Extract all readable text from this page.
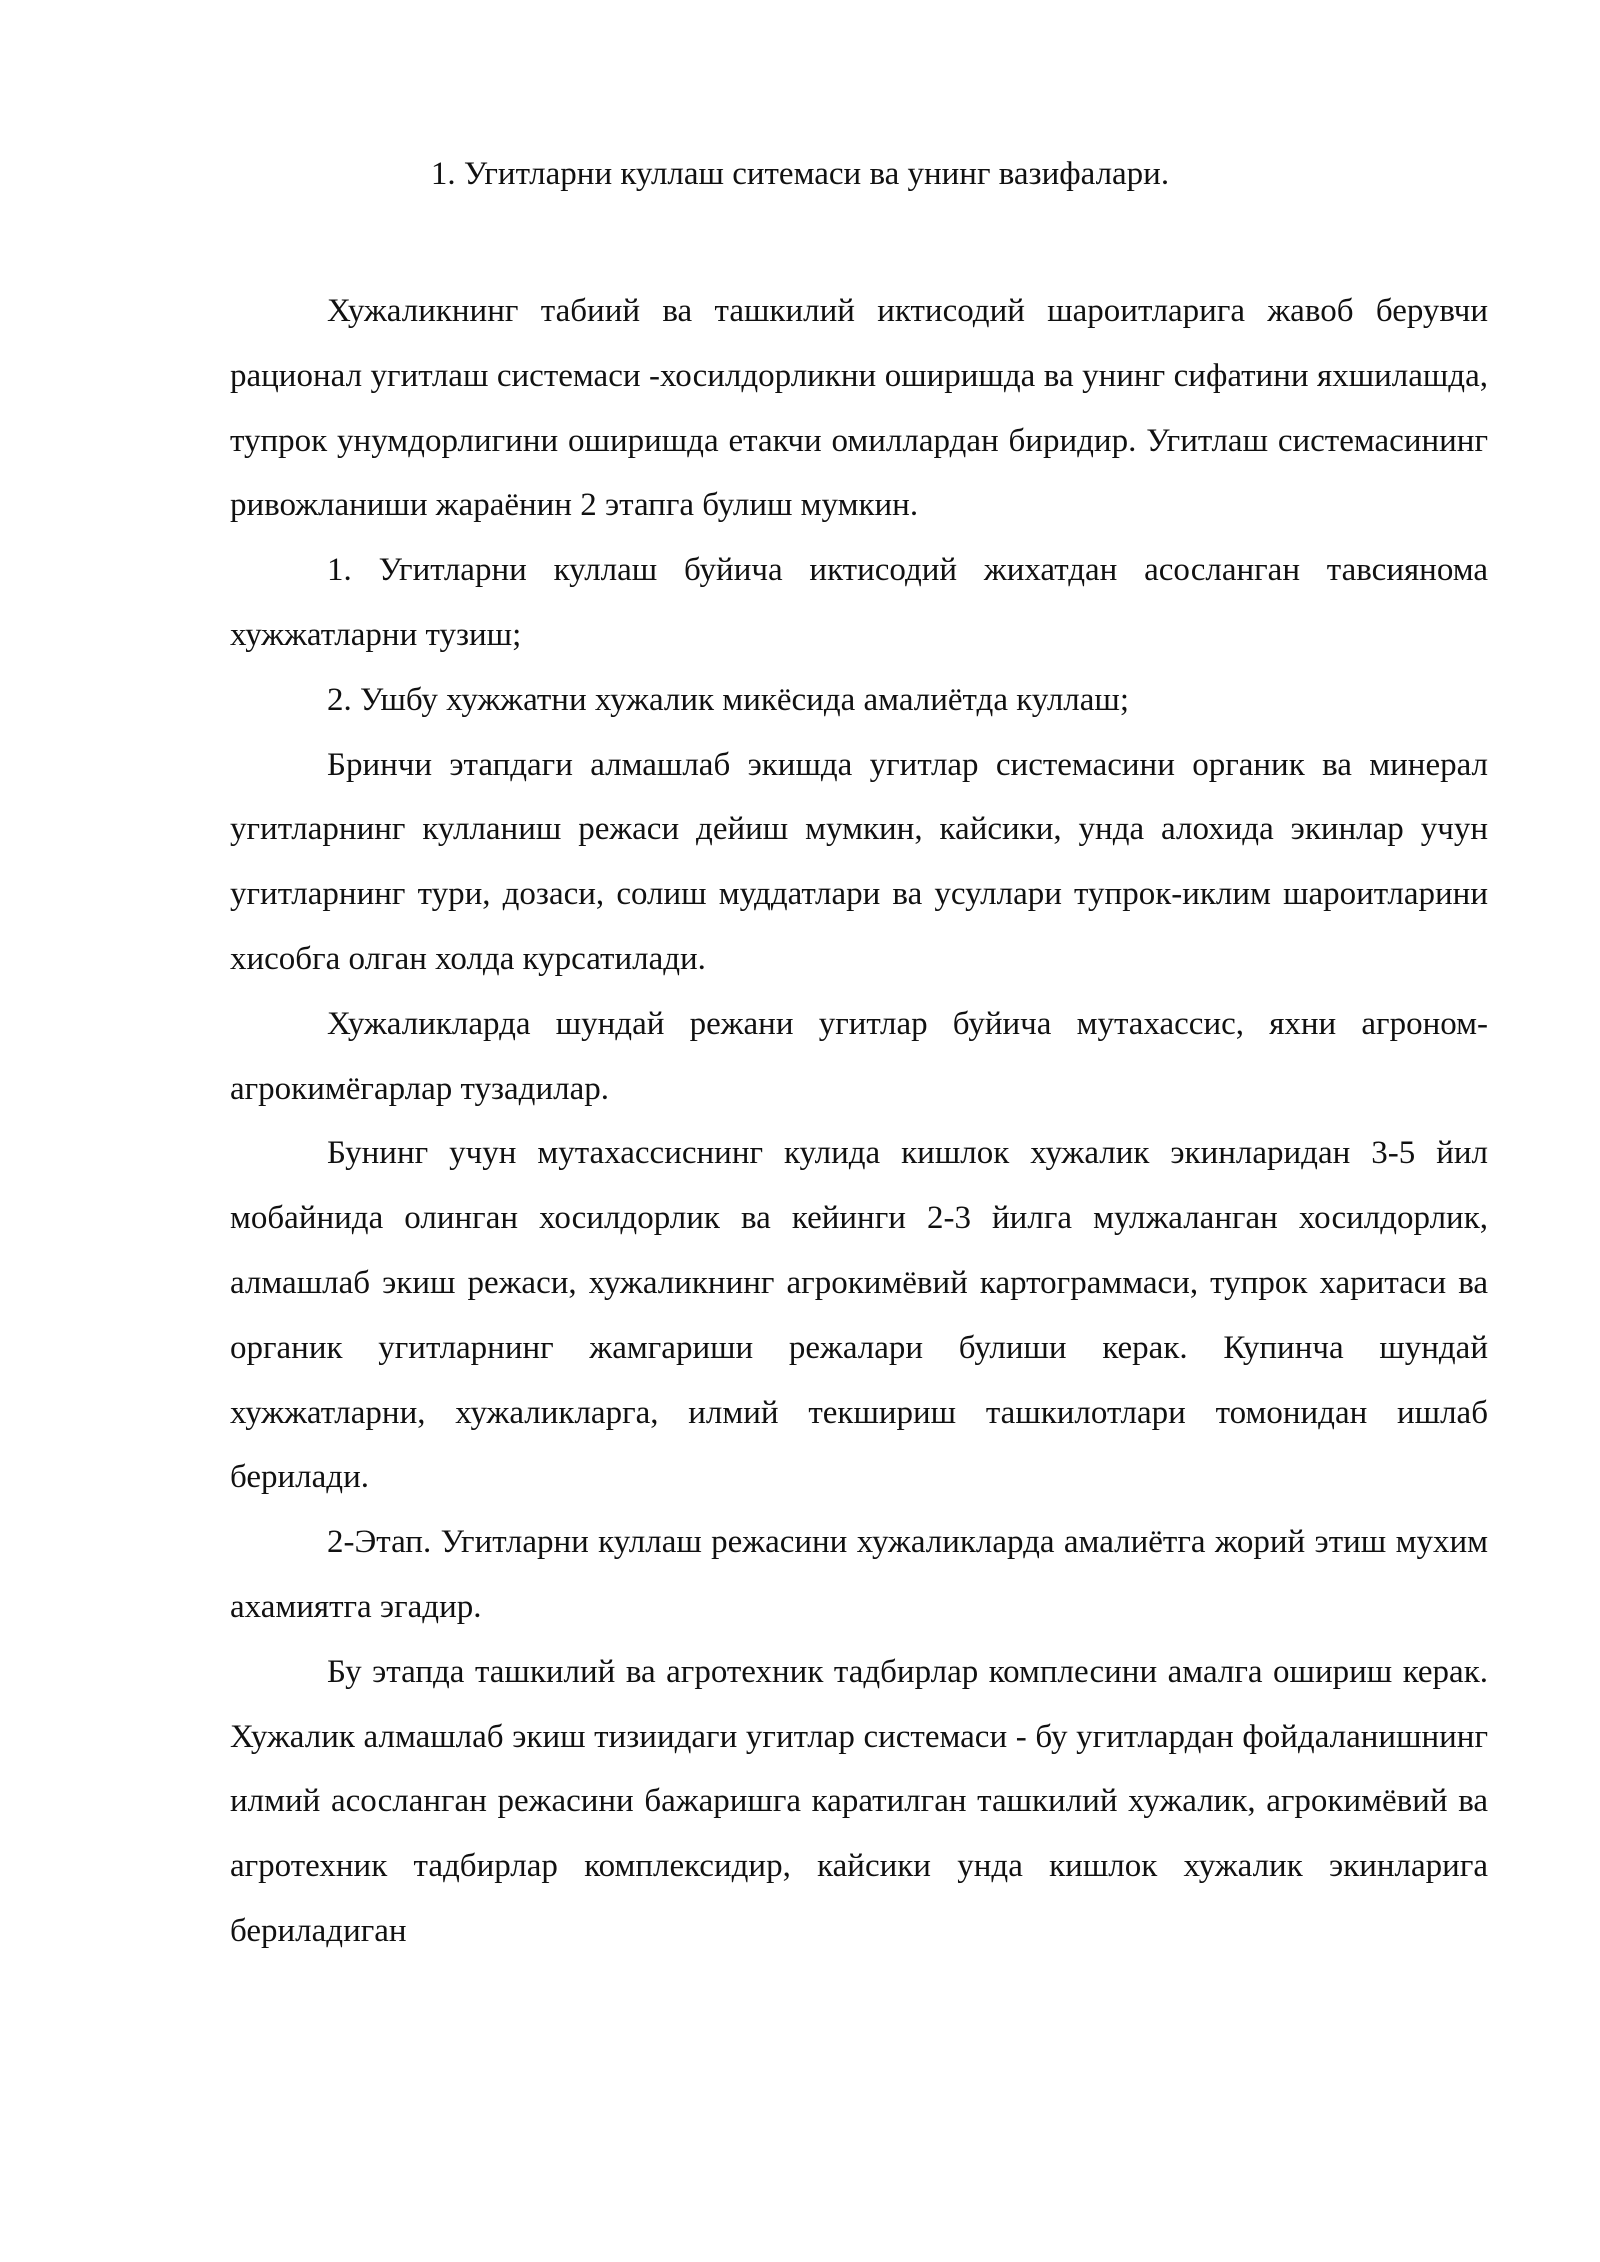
1. Угитларни куллаш ситемаси ва унинг вазифалари.

Хужаликнинг табиий ва ташкилий иктисодий шароитларига жавоб берувчи рационал угитлаш системаси -хосилдорликни оширишда ва унинг сифатини яхшилашда, тупрок унумдорлигини оширишда етакчи омиллардан биридир. Угитлаш системасининг ривожланиши жараёнин 2 этапга булиш мумкин.

1. Угитларни куллаш буйича иктисодий жихатдан асосланган тавсиянома хужжатларни тузиш;

2. Ушбу хужжатни хужалик микёсида амалиётда куллаш;

Бринчи этапдаги алмашлаб экишда угитлар системасини органик ва минерал угитларнинг кулланиш режаси дейиш мумкин, кайсики, унда алохида экинлар учун угитларнинг тури, дозаси, солиш муддатлари ва усуллари тупрок-иклим шароитларини хисобга олган холда курсатилади.

Хужаликларда шундай режани угитлар буйича мутахассис, яхни агроном-агрокимёгарлар тузадилар.

Бунинг учун мутахассиснинг кулида кишлок хужалик экинларидан 3-5 йил мобайнида олинган хосилдорлик ва кейинги 2-3 йилга мулжаланган хосилдорлик, алмашлаб экиш режаси, хужаликнинг агрокимёвий картограммаси, тупрок харитаси ва органик угитларнинг жамгариши режалари булиши керак. Купинча шундай хужжатларни, хужаликларга, илмий текшириш ташкилотлари томонидан ишлаб берилади.

2-Этап. Угитларни куллаш режасини хужаликларда амалиётга жорий этиш мухим ахамиятга эгадир.

Бу этапда ташкилий ва агротехник тадбирлар комплесини амалга ошириш керак. Хужалик алмашлаб экиш тизиидаги угитлар системаси - бу угитлардан фойдаланишнинг илмий асосланган режасини бажаришга каратилган ташкилий хужалик, агрокимёвий ва агротехник тадбирлар комплексидир, кайсики унда кишлок хужалик экинларига бериладиган
